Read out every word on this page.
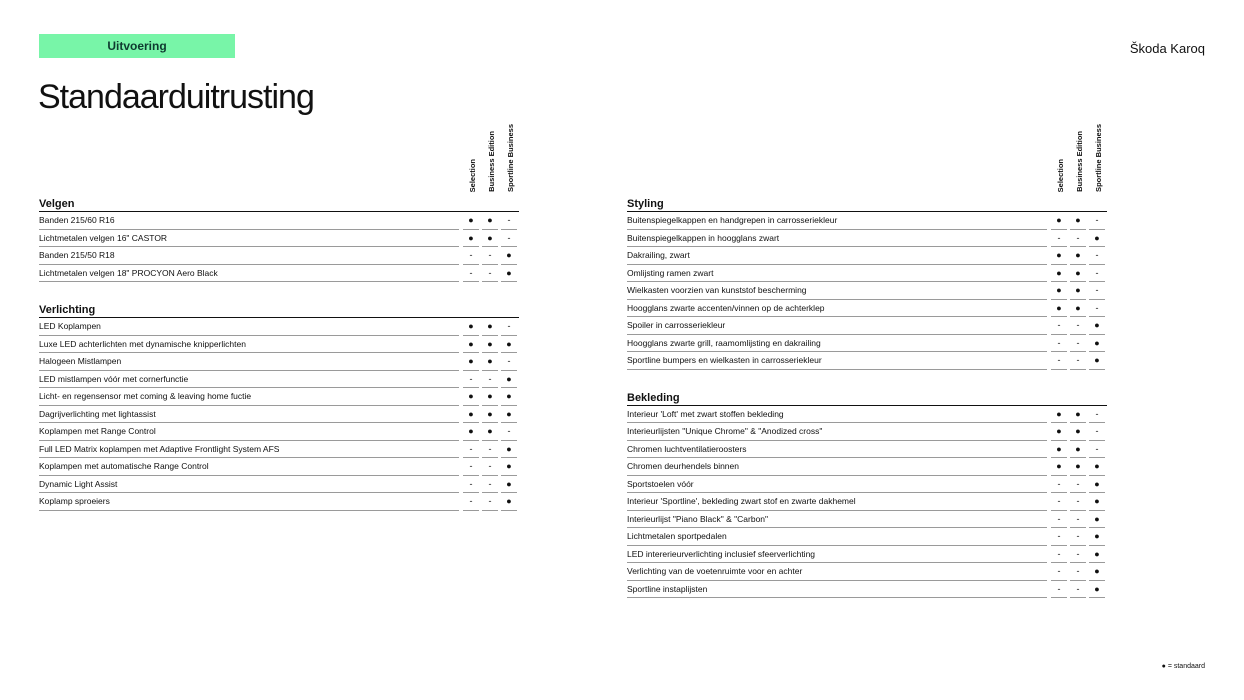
Uitvoering	Škoda Karoq
Standaarduitrusting
Selection Business Edition Sportline Business
Velgen
Banden 215/60 R16	●	●	-
Lichtmetalen velgen 16" CASTOR	●	●	-
Banden 215/50 R18	-	-	●
Lichtmetalen velgen 18" PROCYON Aero Black	-	-	●
Verlichting
LED Koplampen	●	●	-
Luxe LED achterlichten met dynamische knipperlichten	●	●	●
Halogeen Mistlampen	●	●	-
LED mistlampen vóór met cornerfunctie	-	-	●
Licht- en regensensor met coming & leaving home fuctie	●	●	●
Dagrijverlichting met lightassist	●	●	●
Koplampen met Range Control	●	●	-
Full LED Matrix koplampen met Adaptive Frontlight System AFS	-	-	●
Koplampen met automatische Range Control	-	-	●
Dynamic Light Assist	-	-	●
Koplamp sproeiers	-	-	●
Selection Business Edition Sportline Business
Styling
Buitenspiegelkappen en handgrepen in carrosseriekleur	●	●	-
Buitenspiegelkappen in hoogglans zwart	-	-	●
Dakrailing, zwart	●	●	-
Omlijsting ramen zwart	●	●	-
Wielkasten voorzien van kunststof bescherming	●	●	-
Hoogglans zwarte accenten/vinnen op de achterklep	●	●	-
Spoiler in carrosseriekleur	-	-	●
Hoogglans zwarte grill, raamomlijsting en dakrailing	-	-	●
Sportline bumpers en wielkasten in carrosseriekleur	-	-	●
Bekleding
Interieur 'Loft' met zwart stoffen bekleding	●	●	-
Interieurlijsten "Unique Chrome" & "Anodized cross"	●	●	-
Chromen luchtventilatieroosters	●	●	-
Chromen deurhendels binnen	●	●	●
Sportstoelen vóór	-	-	●
Interieur 'Sportline', bekleding zwart stof en zwarte dakhemel	-	-	●
Interieurlijst "Piano Black" & "Carbon"	-	-	●
Lichtmetalen sportpedalen	-	-	●
LED intererieurverlichting inclusief sfeerverlichting	-	-	●
Verlichting van de voetenruimte voor en achter	-	-	●
Sportline instaplijsten	-	-	●
● = standaard
